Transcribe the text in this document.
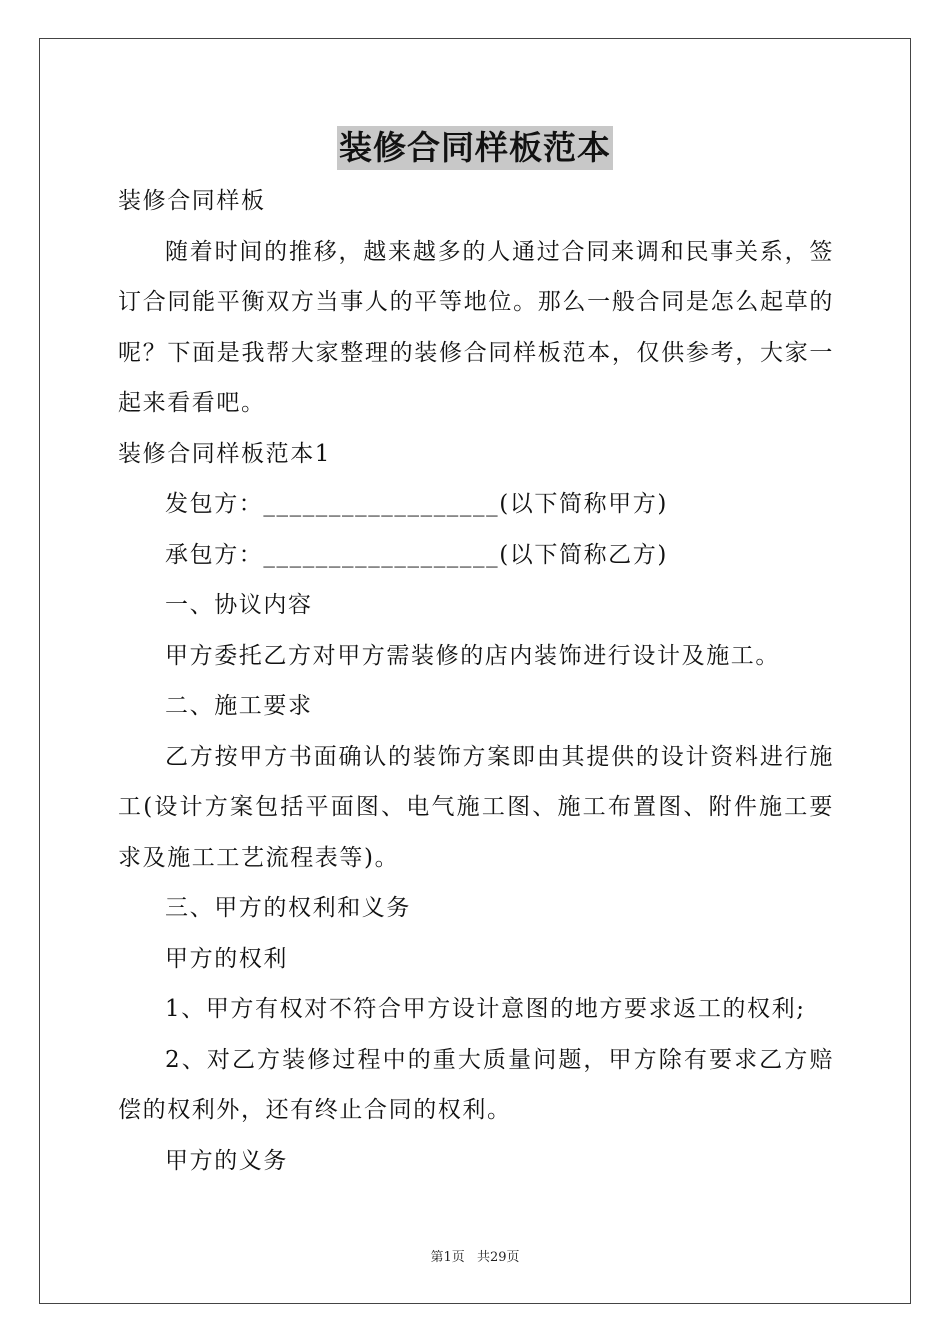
装修合同样板范本

装修合同样板

随着时间的推移，越来越多的人通过合同来调和民事关系，签订合同能平衡双方当事人的平等地位。那么一般合同是怎么起草的呢？下面是我帮大家整理的装修合同样板范本，仅供参考，大家一起来看看吧。

装修合同样板范本1

发包方：__________________(以下简称甲方)

承包方：__________________(以下简称乙方)

一、协议内容

甲方委托乙方对甲方需装修的店内装饰进行设计及施工。

二、施工要求

乙方按甲方书面确认的装饰方案即由其提供的设计资料进行施工(设计方案包括平面图、电气施工图、施工布置图、附件施工要求及施工工艺流程表等)。

三、甲方的权利和义务

甲方的权利

1、甲方有权对不符合甲方设计意图的地方要求返工的权利;

2、对乙方装修过程中的重大质量问题，甲方除有要求乙方赔偿的权利外，还有终止合同的权利。

甲方的义务

第1页 共29页
